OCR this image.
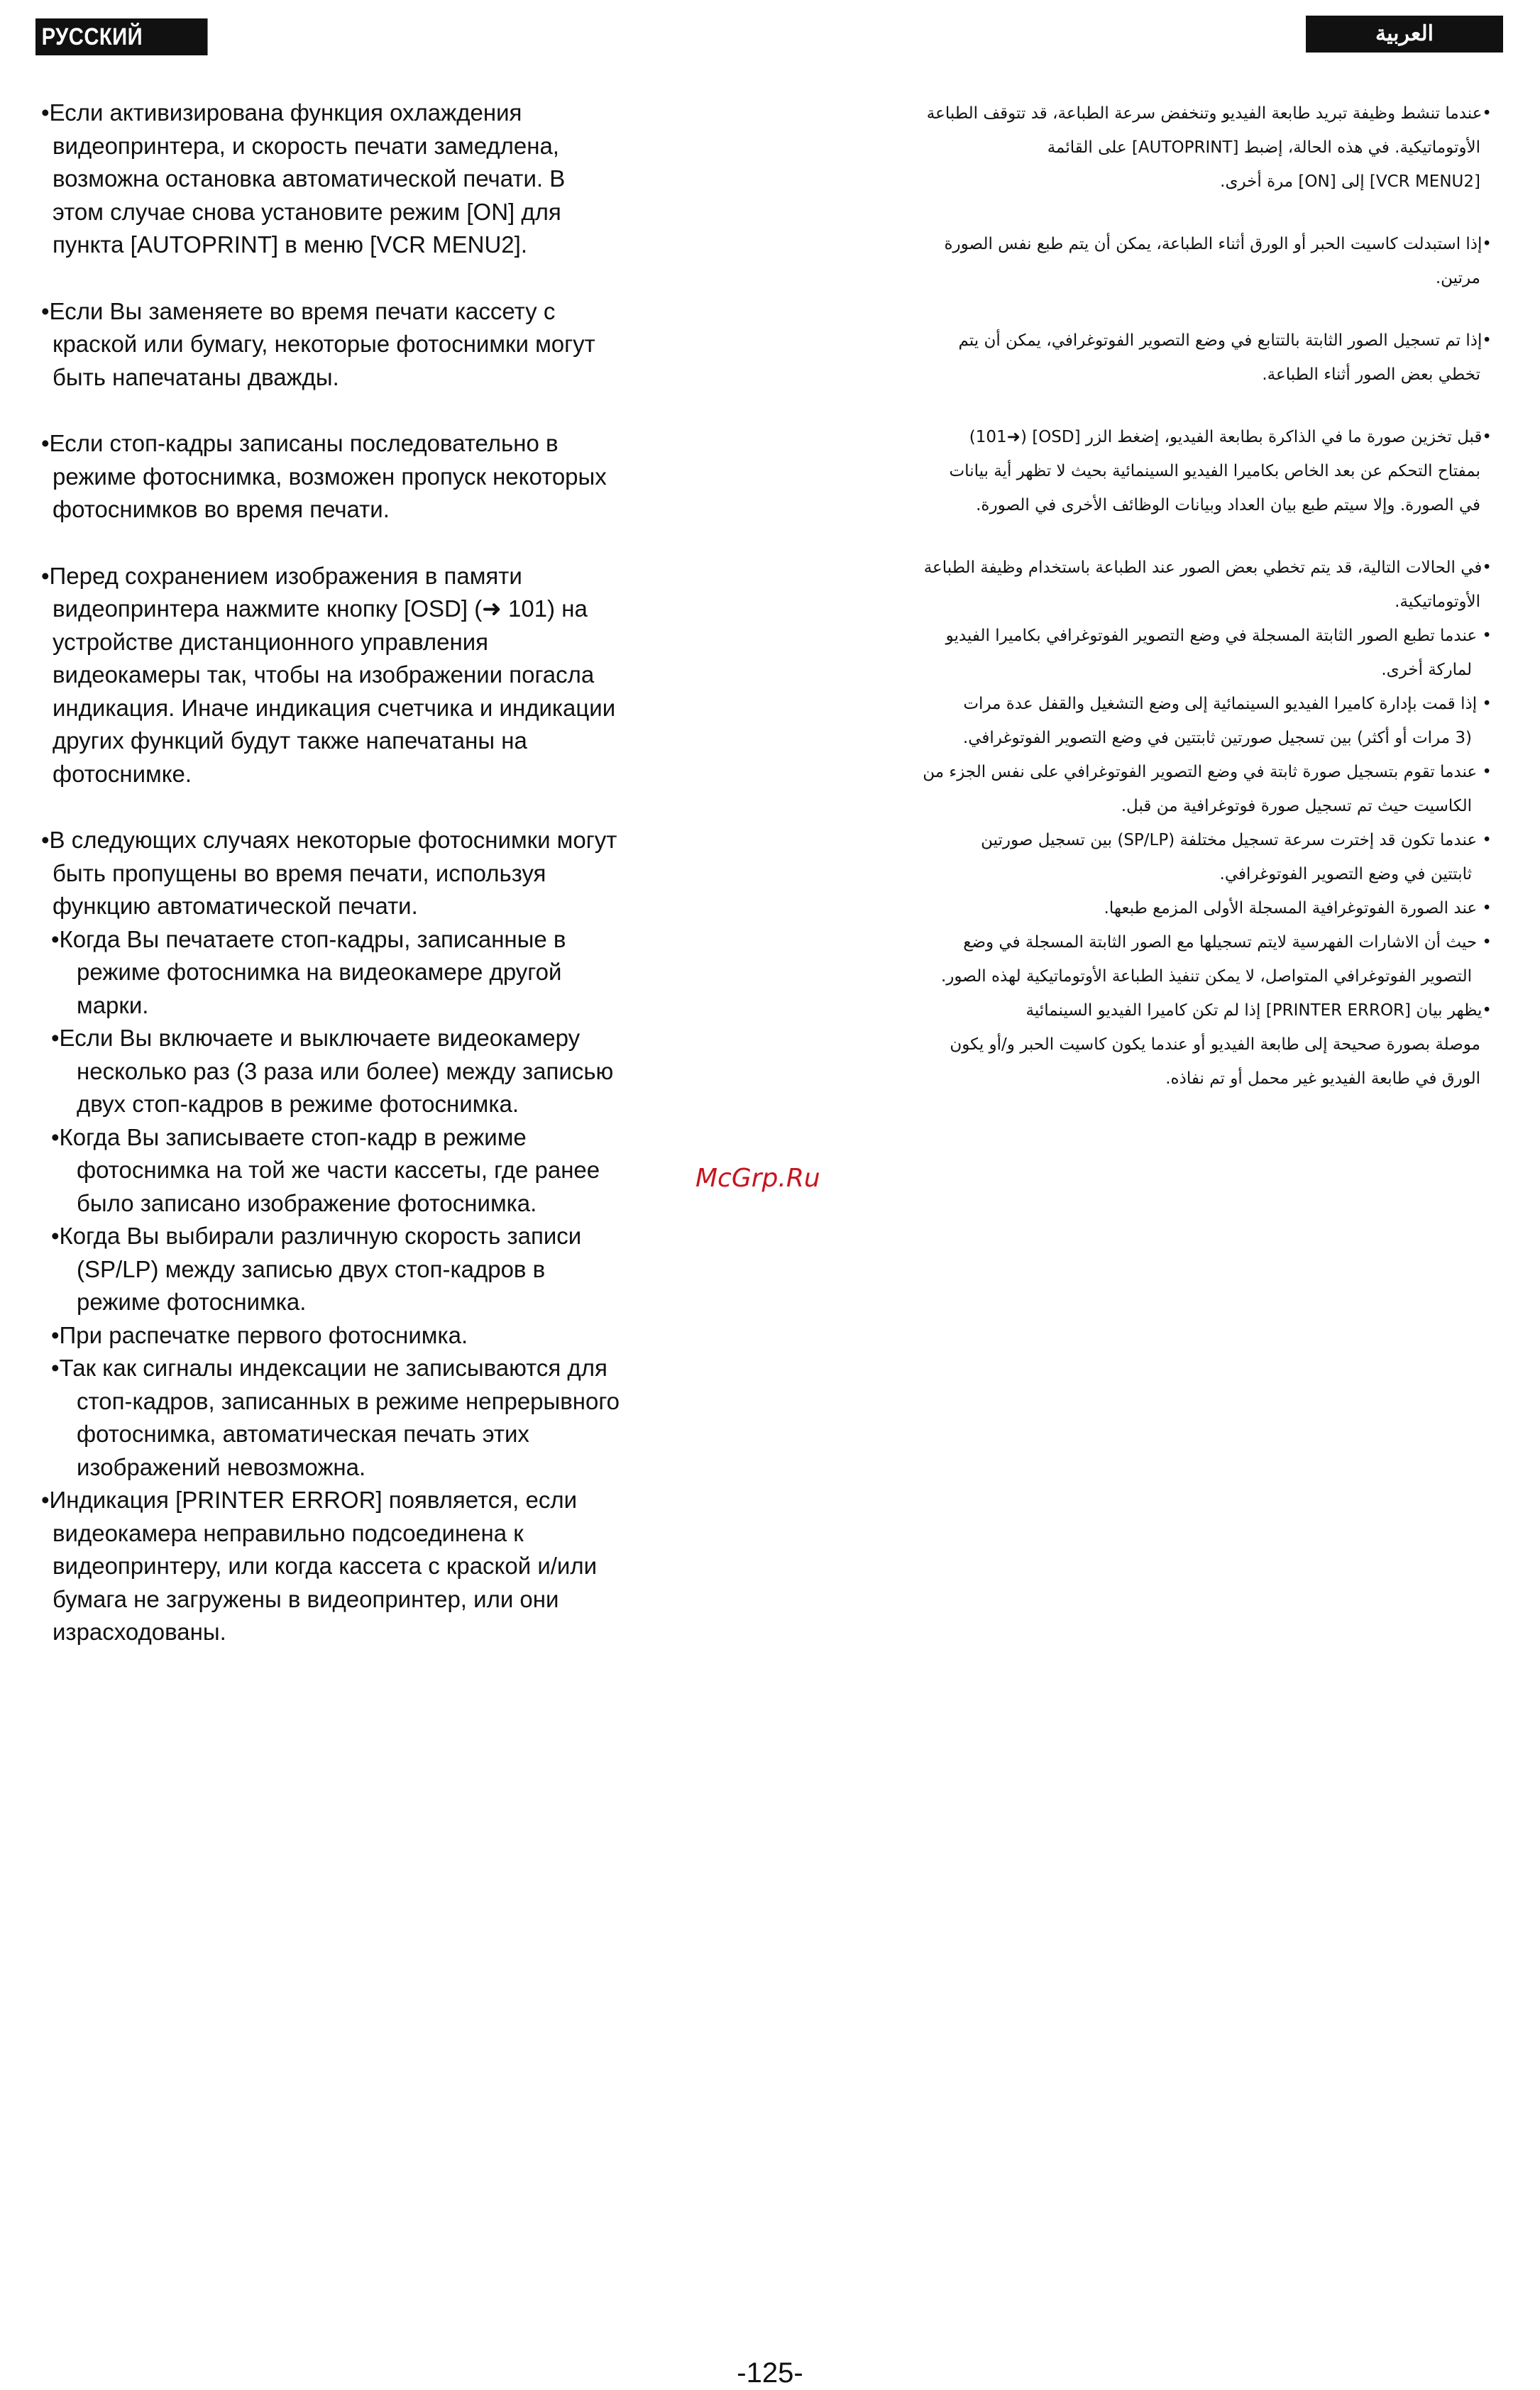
РУССКИЙ ЯЗЫК
العربية
•Если активизирована функция охлаждения
видеопринтера, и скорость печати замедлена,
возможна остановка автоматической печати. В
этом случае снова установите режим [ON] для
пункта [AUTOPRINT] в меню [VCR MENU2].
•Если Вы заменяете во время печати кассету с
краской или бумагу, некоторые фотоснимки могут
быть напечатаны дважды.
•Если стоп-кадры записаны последовательно в
режиме фотоснимка, возможен пропуск некоторых
фотоснимков во время печати.
•Перед сохранением изображения в памяти
видеопринтера нажмите кнопку [OSD] (➜ 101) на
устройстве дистанционного управления
видеокамеры так, чтобы на изображении погасла
индикация. Иначе индикация счетчика и индикации
других функций будут также напечатаны на
фотоснимке.
•В следующих случаях некоторые фотоснимки могут
быть пропущены во время печати, используя
функцию автоматической печати.
•Когда Вы печатаете стоп-кадры, записанные в
режиме фотоснимка на видеокамере другой
марки.
•Если Вы включаете и выключаете видеокамеру
несколько раз (3 раза или более) между записью
двух стоп-кадров в режиме фотоснимка.
•Когда Вы записываете стоп-кадр в режиме
фотоснимка на той же части кассеты, где ранее
было записано изображение фотоснимка.
•Когда Вы выбирали различную скорость записи
(SP/LP) между записью двух стоп-кадров в
режиме фотоснимка.
•При распечатке первого фотоснимка.
•Так как сигналы индексации не записываются для
стоп-кадров, записанных в режиме непрерывного
фотоснимка, автоматическая печать этих
изображений невозможна.
•Индикация [PRINTER ERROR] появляется, если
видеокамера неправильно подсоединена к
видеопринтеру, или когда кассета с краской и/или
бумага не загружены в видеопринтер, или они
израсходованы.
•عندما تنشط وظيفة تبريد طابعة الفيديو وتنخفض سرعة الطباعة، قد تتوقف الطباعة
الأوتوماتيكية. في هذه الحالة، إضبط [AUTOPRINT] على القائمة
[VCR MENU2] إلى [ON] مرة أخرى.
•إذا استبدلت كاسيت الحبر أو الورق أثناء الطباعة، يمكن أن يتم طبع نفس الصورة
مرتين.
•إذا تم تسجيل الصور الثابتة بالتتابع في وضع التصوير الفوتوغرافي، يمكن أن يتم
تخطي بعض الصور أثناء الطباعة.
•قبل تخزين صورة ما في الذاكرة بطابعة الفيديو، إضغط الزر [OSD] (➜101)
بمفتاح التحكم عن بعد الخاص بكاميرا الفيديو السينمائية بحيث لا تظهر أية بيانات
في الصورة. وإلا سيتم طبع بيان العداد وبيانات الوظائف الأخرى في الصورة.
•في الحالات التالية، قد يتم تخطي بعض الصور عند الطباعة باستخدام وظيفة الطباعة
الأوتوماتيكية.
• عندما تطبع الصور الثابتة المسجلة في وضع التصوير الفوتوغرافي بكاميرا الفيديو
لماركة أخرى.
• إذا قمت بإدارة كاميرا الفيديو السينمائية إلى وضع التشغيل والقفل عدة مرات
(3 مرات أو أكثر) بين تسجيل صورتين ثابتتين في وضع التصوير الفوتوغرافي.
• عندما تقوم بتسجيل صورة ثابتة في وضع التصوير الفوتوغرافي على نفس الجزء من
الكاسيت حيث تم تسجيل صورة فوتوغرافية من قبل.
• عندما تكون قد إخترت سرعة تسجيل مختلفة (SP/LP) بين تسجيل صورتين
ثابتتين في وضع التصوير الفوتوغرافي.
• عند الصورة الفوتوغرافية المسجلة الأولى المزمع طبعها.
• حيث أن الاشارات الفهرسية لايتم تسجيلها مع الصور الثابتة المسجلة في وضع
التصوير الفوتوغرافي المتواصل، لا يمكن تنفيذ الطباعة الأوتوماتيكية لهذه الصور.
•يظهر بيان [PRINTER ERROR] إذا لم تكن كاميرا الفيديو السينمائية
موصلة بصورة صحيحة إلى طابعة الفيديو أو عندما يكون كاسيت الحبر و/أو يكون
الورق في طابعة الفيديو غير محمل أو تم نفاذه.
McGrp.Ru
-125-
